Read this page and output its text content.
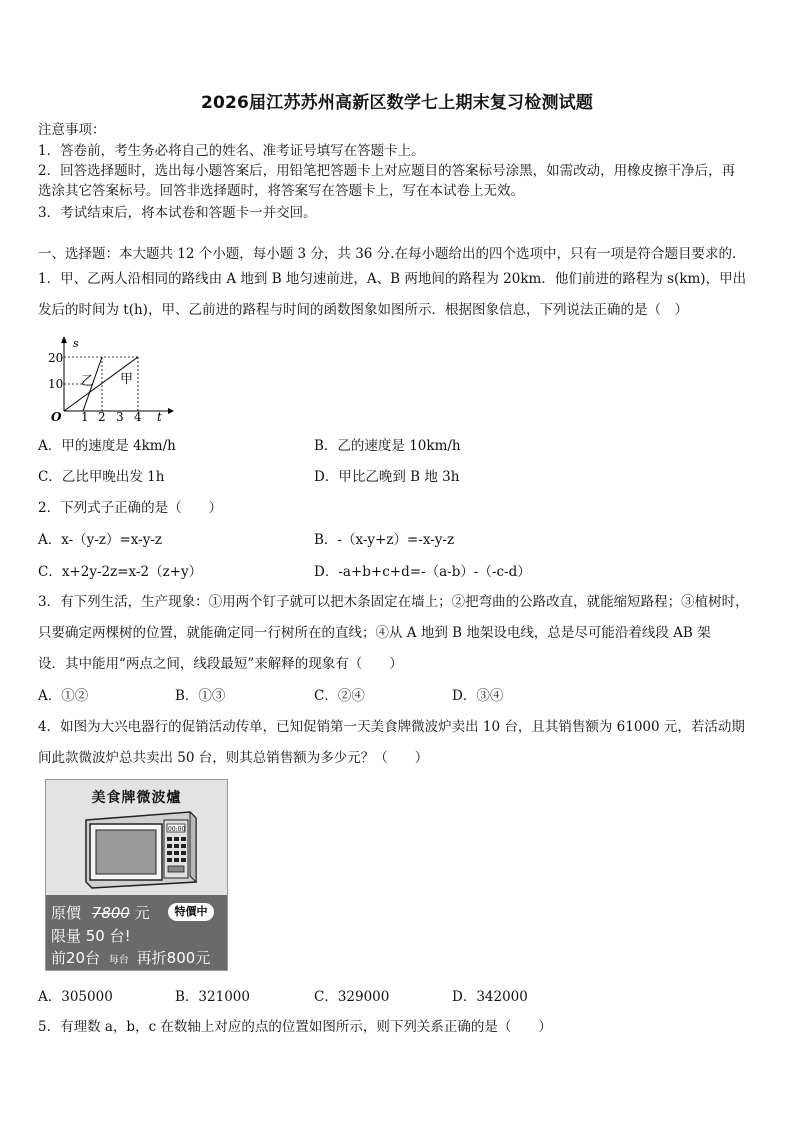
2026届江苏苏州高新区数学七上期末复习检测试题
注意事项：
1．答卷前，考生务必将自己的姓名、准考证号填写在答题卡上。
2．回答选择题时，选出每小题答案后，用铅笔把答题卡上对应题目的答案标号涂黑，如需改动，用橡皮擦干净后，再
选涂其它答案标号。回答非选择题时，将答案写在答题卡上，写在本试卷上无效。
3．考试结束后，将本试卷和答题卡一并交回。
一、选择题：本大题共 12 个小题，每小题 3 分，共 36 分.在每小题给出的四个选项中，只有一项是符合题目要求的.
1．甲、乙两人沿相同的路线由 A 地到 B 地匀速前进，A、B 两地间的路程为 20km．他们前进的路程为 s(km)，甲出
发后的时间为 t(h)，甲、乙前进的路程与时间的函数图象如图所示．根据图象信息，下列说法正确的是（　）
s
20
10
O 1 2 3 4 t
乙 甲
A．甲的速度是 4km/h	B．乙的速度是 10km/h
C．乙比甲晚出发 1h	D．甲比乙晚到 B 地 3h
2．下列式子正确的是（　　）
A．x-（y-z）=x-y-z	B．-（x-y+z）=-x-y-z
C．x+2y-2z=x-2（z+y）	D．-a+b+c+d=-（a-b）-（-c-d）
3．有下列生活，生产现象：①用两个钉子就可以把木条固定在墙上；②把弯曲的公路改直，就能缩短路程；③植树时，
只要确定两棵树的位置，就能确定同一行树所在的直线；④从 A 地到 B 地架设电线，总是尽可能沿着线段 AB 架
设．其中能用“两点之间，线段最短”来解释的现象有（　　）
A．①②	B．①③	C．②④	D．③④
4．如图为大兴电器行的促销活动传单，已知促销第一天美食牌微波炉卖出 10 台，且其销售额为 61000 元，若活动期
间此款微波炉总共卖出 50 台，则其总销售额为多少元？（　　）
美食牌微波爐
00:00
原價 7800 元	特價中
限量 50 台!
前20台 每台 再折800元
A．305000	B．321000	C．329000	D．342000
5．有理数 a，b，c 在数轴上对应的点的位置如图所示，则下列关系正确的是（　　）
